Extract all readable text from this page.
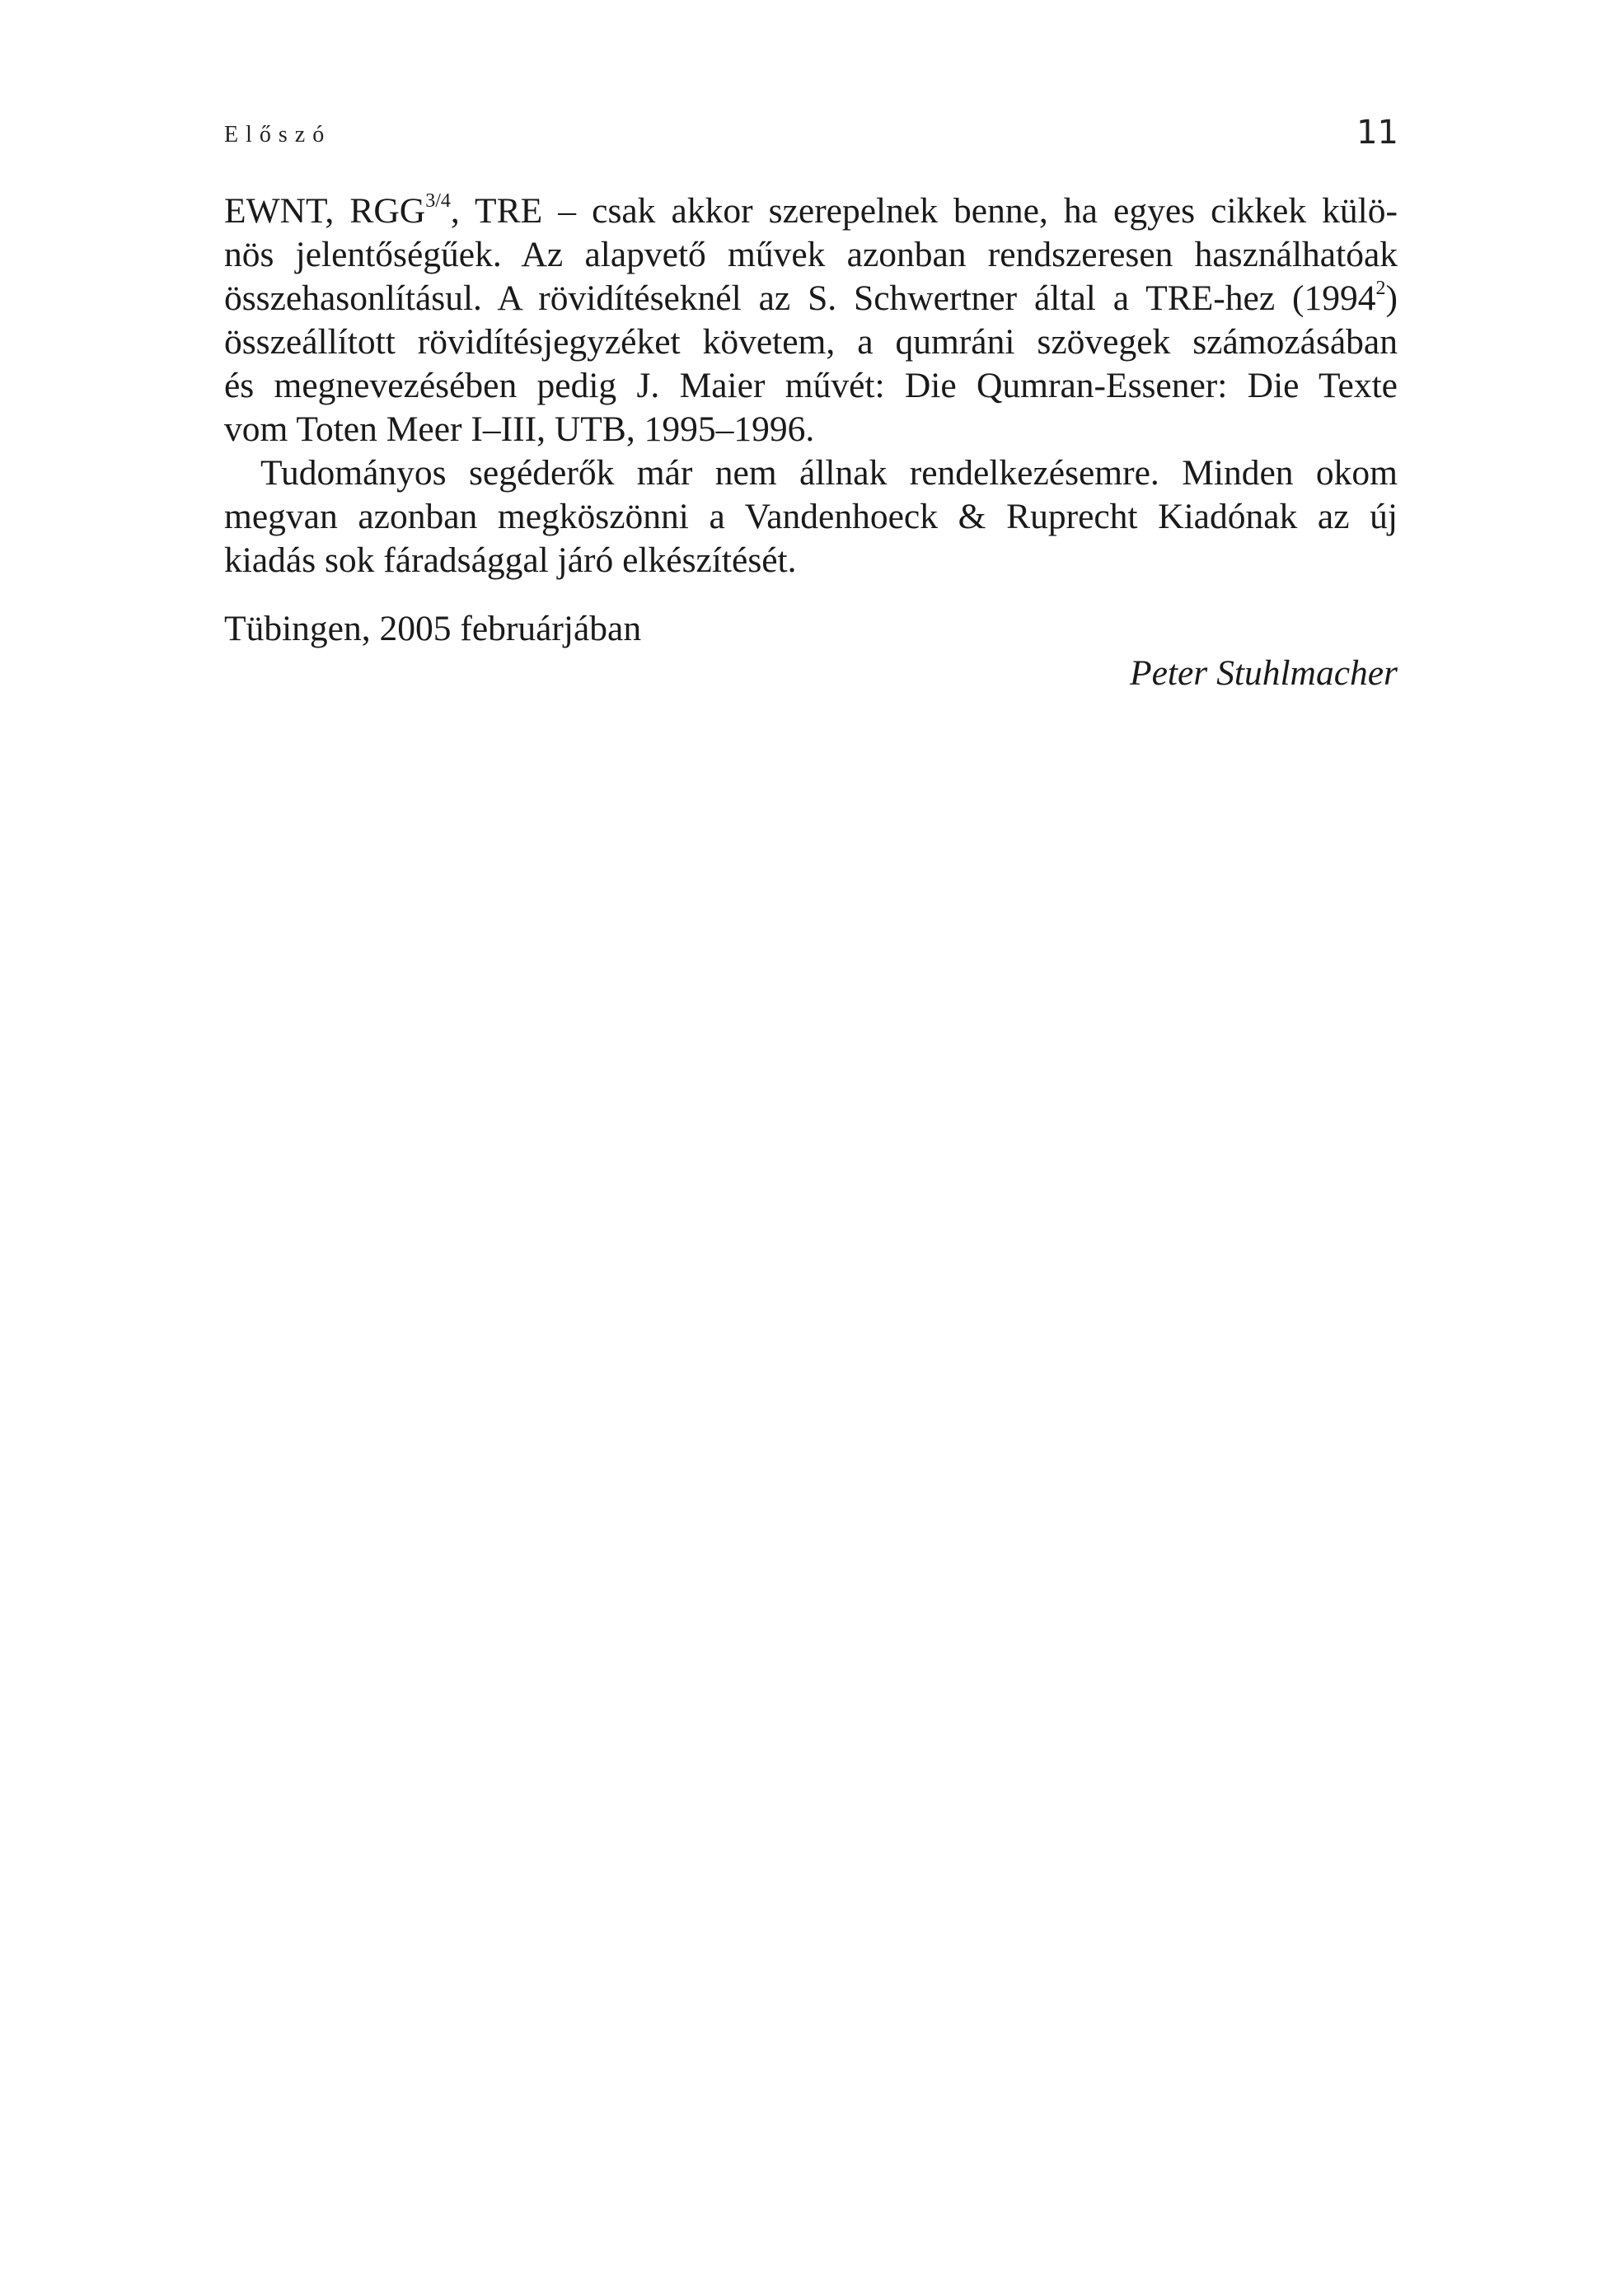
Előszó	11

EWNT, $RGG^{3/4}$, TRE – csak akkor szerepelnek benne, ha egyes cikkek külö-
nös jelentőségűek. Az alapvető művek azonban rendszeresen használhatóak
összehasonlításul. A rövidítéseknél az S. Schwertner által a TRE-hez (1994$^2$)
összeállított rövidítésjegyzéket követem, a qumráni szövegek számozásában
és megnevezésében pedig J. Maier művét: Die Qumran-Essener: Die Texte
vom Toten Meer I–III, UTB, 1995–1996.

Tudományos segéderők már nem állnak rendelkezésemre. Minden okom
megvan azonban megköszönni a Vandenhoeck & Ruprecht Kiadónak az új
kiadás sok fáradsággal járó elkészítését.

Tübingen, 2005 februárjában
Peter Stuhlmacher
